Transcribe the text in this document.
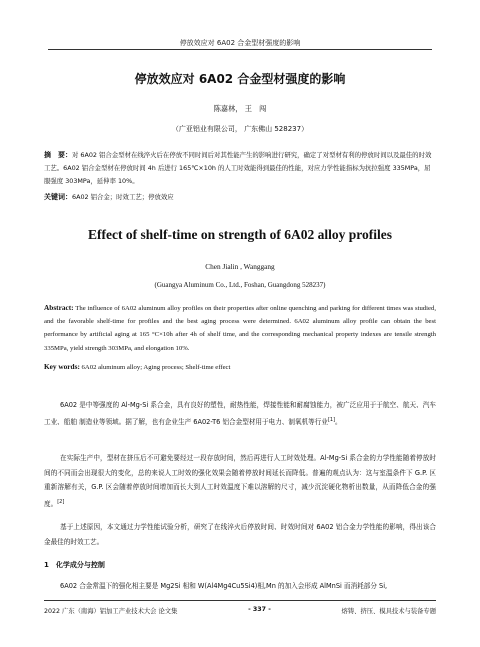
停放效应对 6A02 合金型材强度的影响
停放效应对 6A02 合金型材强度的影响
陈嘉林， 王　闯
（广亚铝业有限公司， 广东佛山 528237）
摘　要：对 6A02 铝合金型材在线淬火后在停放不同时间后对其性能产生的影响进行研究，确定了对型材有利的停放时间以及最佳的时效工艺。6A02 铝合金型材在停放时间 4h 后进行 165℃×10h 的人工时效能得到最佳的性能，对应力学性能指标为抗拉强度 335MPa，屈服强度 303MPa，延伸率 10%。
关键词：6A02 铝合金；时效工艺；停放效应
Effect of shelf-time on strength of 6A02 alloy profiles
Chen Jialin , Wanggang
(Guangya Aluminum Co., Ltd., Foshan, Guangdong 528237)
Abstract: The influence of 6A02 aluminum alloy profiles on their properties after online quenching and parking for different times was studied, and the favorable shelf-time for profiles and the best aging process were determined. 6A02 aluminum alloy profile can obtain the best performance by artificial aging at 165 °C×10h after 4h of shelf time, and the corresponding mechanical property indexes are tensile strength 335MPa, yield strength 303MPa, and elongation 10%.
Key words: 6A02 aluminum alloy; Aging process; Shelf-time effect
6A02 是中等强度的 Al-Mg-Si 系合金，具有良好的塑性，耐热性能，焊接性能和耐腐蚀能力，被广泛应用于于航空、航天、汽车工业、船舶 制造业等领域。据了解，也有企业生产 6A02-T6 铝合金型材用于电力、制氧机等行业[1]。
在实际生产中，型材在挤压后不可避免要经过一段存放时间，然后再进行人工时效处理。Al-Mg-Si 系合金的力学性能随着停放时间的不同而会出现很大的变化，总的来说人工时效的强化效果会随着停放时间延长而降低。普遍的观点认为：这与室温条件下 G.P. 区重新溶解有关，G.P. 区会随着停放时间增加而长大到人工时效温度下难以溶解的尺寸，减少沉淀硬化物析出数量，从而降低合金的强度。[2]
基于上述原因，本文通过力学性能试验分析，研究了在线淬火后停放时间、时效时间对 6A02 铝合金力学性能的影响，得出该合金最佳的时效工艺。
1　化学成分与控制
6A02 合金常温下的强化相主要是 Mg2Si 相和 W(Al4Mg4Cu5Si4)相,Mn 的加入会形成 AlMnSi 而消耗部分 Si,
2022 广东（南海）铝加工产业技术大会 论文集	- 337 -	熔铸、挤压、模具技术与装备专题
